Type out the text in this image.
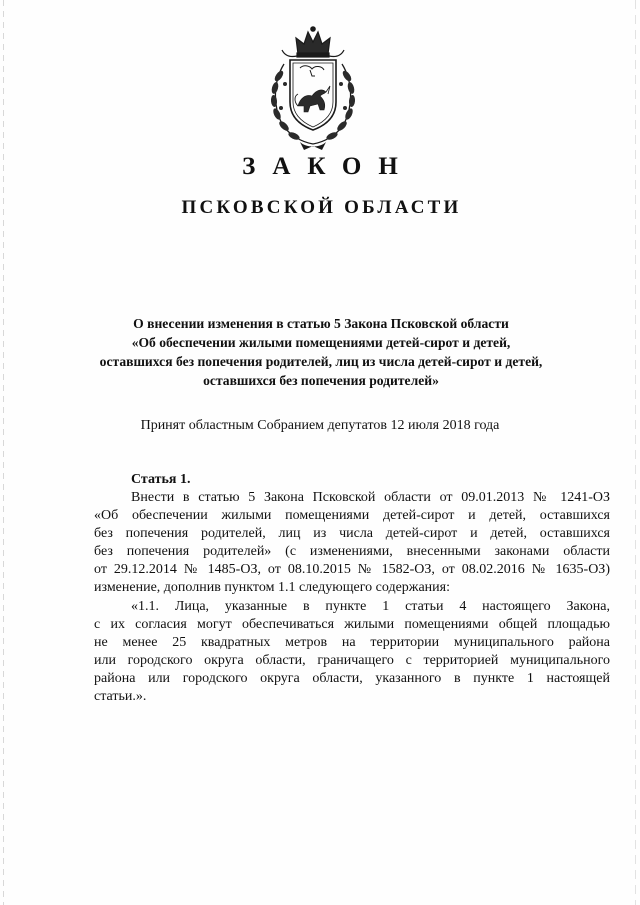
ЗАКОН
ПСКОВСКОЙ ОБЛАСТИ
О внесении изменения в статью 5 Закона Псковской области
«Об обеспечении жилыми помещениями детей-сирот и детей,
оставшихся без попечения родителей, лиц из числа детей-сирот и детей,
оставшихся без попечения родителей»
Принят областным Собранием депутатов 12 июля 2018 года
Статья 1.
Внести в статью 5 Закона Псковской области от 09.01.2013 № 1241-ОЗ
«Об обеспечении жилыми помещениями детей-сирот и детей, оставшихся
без попечения родителей, лиц из числа детей-сирот и детей, оставшихся
без попечения родителей» (с изменениями, внесенными законами области
от 29.12.2014 № 1485-ОЗ, от 08.10.2015 № 1582-ОЗ, от 08.02.2016 № 1635-ОЗ)
изменение, дополнив пунктом 1.1 следующего содержания:
«1.1. Лица, указанные в пункте 1 статьи 4 настоящего Закона,
с их согласия могут обеспечиваться жилыми помещениями общей площадью
не менее 25 квадратных метров на территории муниципального района
или городского округа области, граничащего с территорией муниципального
района или городского округа области, указанного в пункте 1 настоящей
статьи.».
